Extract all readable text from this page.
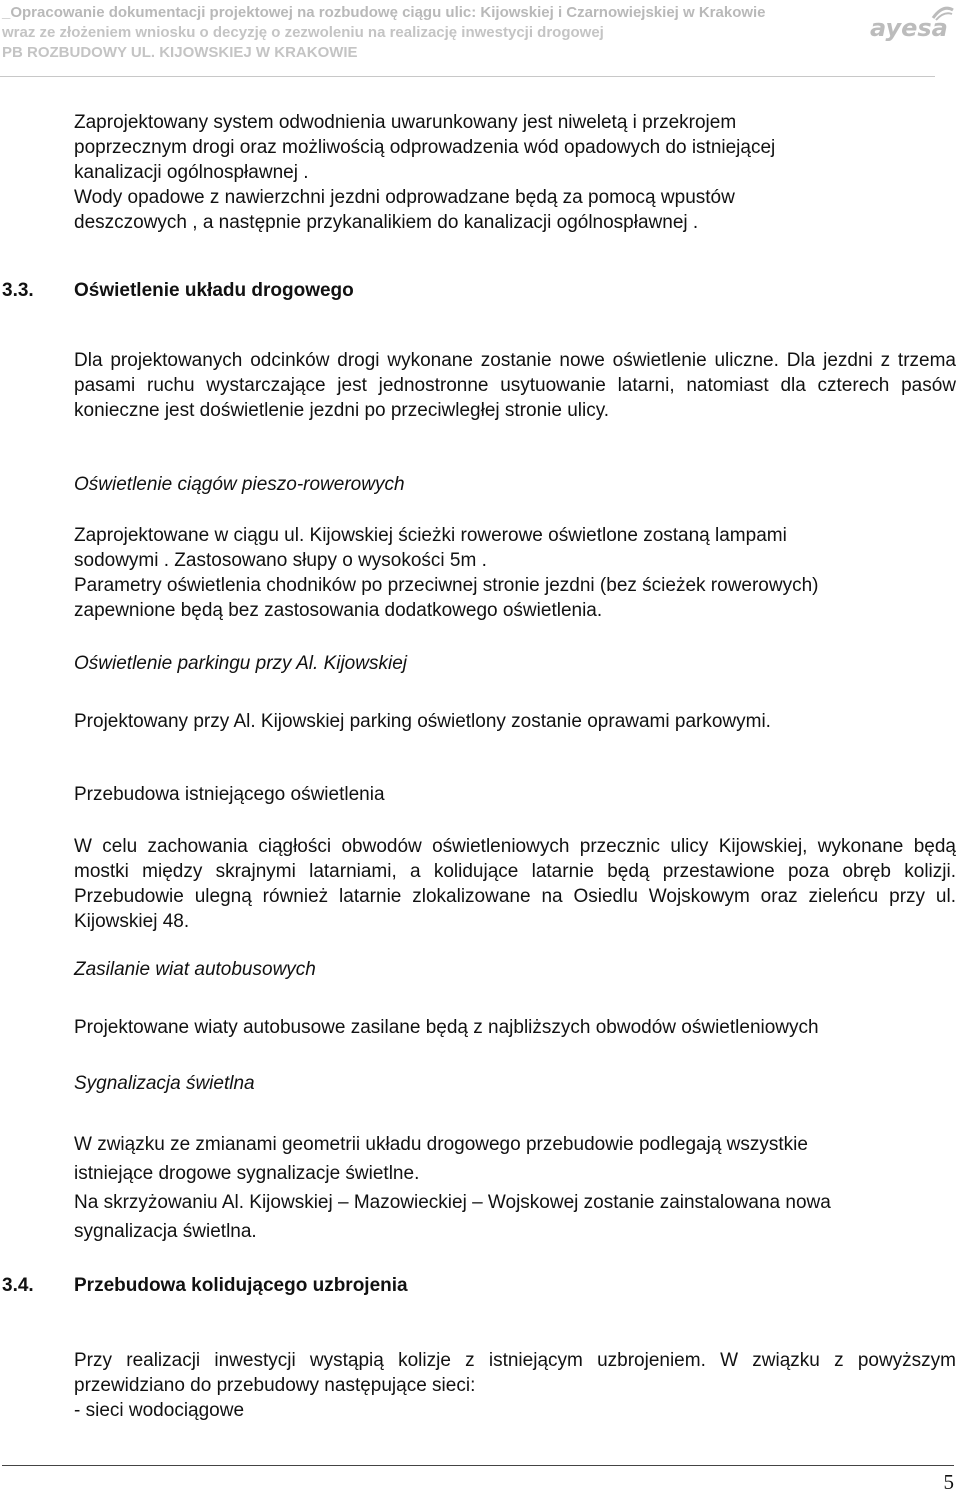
_Opracowanie dokumentacji projektowej na rozbudowę ciągu ulic: Kijowskiej i Czarnowiejskiej w Krakowie
wraz ze złożeniem wniosku o decyzję o zezwoleniu na realizację inwestycji drogowej
PB ROZBUDOWY UL. KIJOWSKIEJ W KRAKOWIE
ayesa
Zaprojektowany system odwodnienia uwarunkowany jest niweletą i przekrojem
poprzecznym drogi oraz możliwością odprowadzenia wód opadowych do istniejącej
kanalizacji ogólnospławnej .
Wody opadowe z nawierzchni jezdni odprowadzane będą za pomocą wpustów
deszczowych , a następnie przykanalikiem do kanalizacji ogólnospławnej .
3.3. Oświetlenie układu drogowego

Dla projektowanych odcinków drogi wykonane zostanie nowe oświetlenie uliczne. Dla jezdni z trzema pasami ruchu wystarczające jest jednostronne usytuowanie latarni, natomiast dla czterech pasów konieczne jest doświetlenie jezdni po przeciwległej stronie ulicy.

Oświetlenie ciągów pieszo-rowerowych
Zaprojektowane w ciągu ul. Kijowskiej ścieżki rowerowe oświetlone zostaną lampami
sodowymi . Zastosowano słupy o wysokości 5m .
Parametry oświetlenia chodników po przeciwnej stronie jezdni (bez ścieżek rowerowych)
zapewnione będą bez zastosowania dodatkowego oświetlenia.
Oświetlenie parkingu przy Al. Kijowskiej
Projektowany przy Al. Kijowskiej parking oświetlony zostanie oprawami parkowymi.
Przebudowa istniejącego oświetlenia

W celu zachowania ciągłości obwodów oświetleniowych przecznic ulicy Kijowskiej, wykonane będą mostki między skrajnymi latarniami, a kolidujące latarnie będą przestawione poza obręb kolizji. Przebudowie ulegną również latarnie zlokalizowane na Osiedlu Wojskowym oraz zieleńcu przy ul. Kijowskiej 48.

Zasilanie wiat autobusowych
Projektowane wiaty autobusowe zasilane będą z najbliższych obwodów oświetleniowych
Sygnalizacja świetlna
W związku ze zmianami geometrii układu drogowego przebudowie podlegają wszystkie
istniejące drogowe sygnalizacje świetlne.
Na skrzyżowaniu Al. Kijowskiej – Mazowieckiej – Wojskowej zostanie zainstalowana nowa
sygnalizacja świetlna.
3.4. Przebudowa kolidującego uzbrojenia

Przy realizacji inwestycji wystąpią kolizje z istniejącym uzbrojeniem. W związku z powyższym przewidziano do przebudowy następujące sieci:

- sieci wodociągowe
5
